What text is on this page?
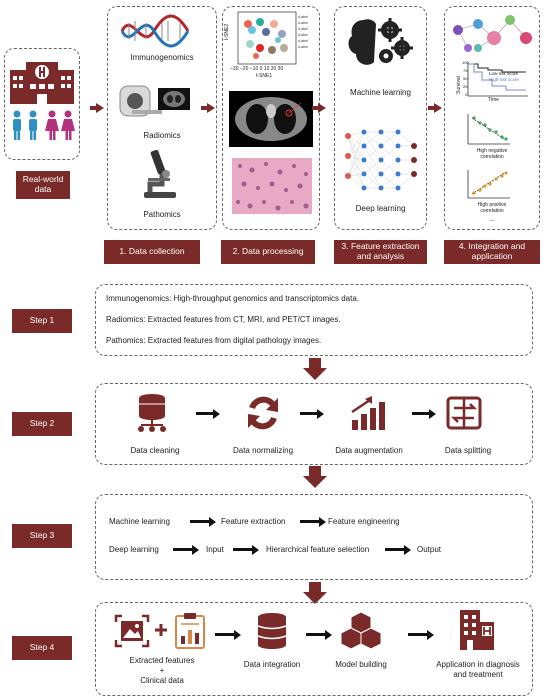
Real-world
data
Immunogenomics
Radiomics
Pathomics
•Label
•Label
•Label
•Label
•Label
•Label
−30 −20 −10 0 10 20 30
t-SNE1
t-SNE2
Machine learning
Deep learning
Low-risk score
High-risk score
Time
Survival
100
75
50
25
0
High negative
correlation
High positive
correlation
...
1. Data collection	2. Data processing	3. Feature extraction
and analysis
4. Integration and
application
Step 1
Immunogenomics: High-throughput genomics and transcriptomics data.
Radiomics: Extracted features from CT, MRI, and PET/CT images.
Pathomics: Extracted features from digital pathology images.
Step 2
Data cleaning	Data normalizing	Data augmentation	Data splitting
Step 3
Machine learning	Feature extraction	Feature engineering
Deep learning	Input	Hierarchical feature selection	Output
Step 4
Extracted features
+
Clinical data
Data integration	Model building	Application in diagnosis
and treatment
